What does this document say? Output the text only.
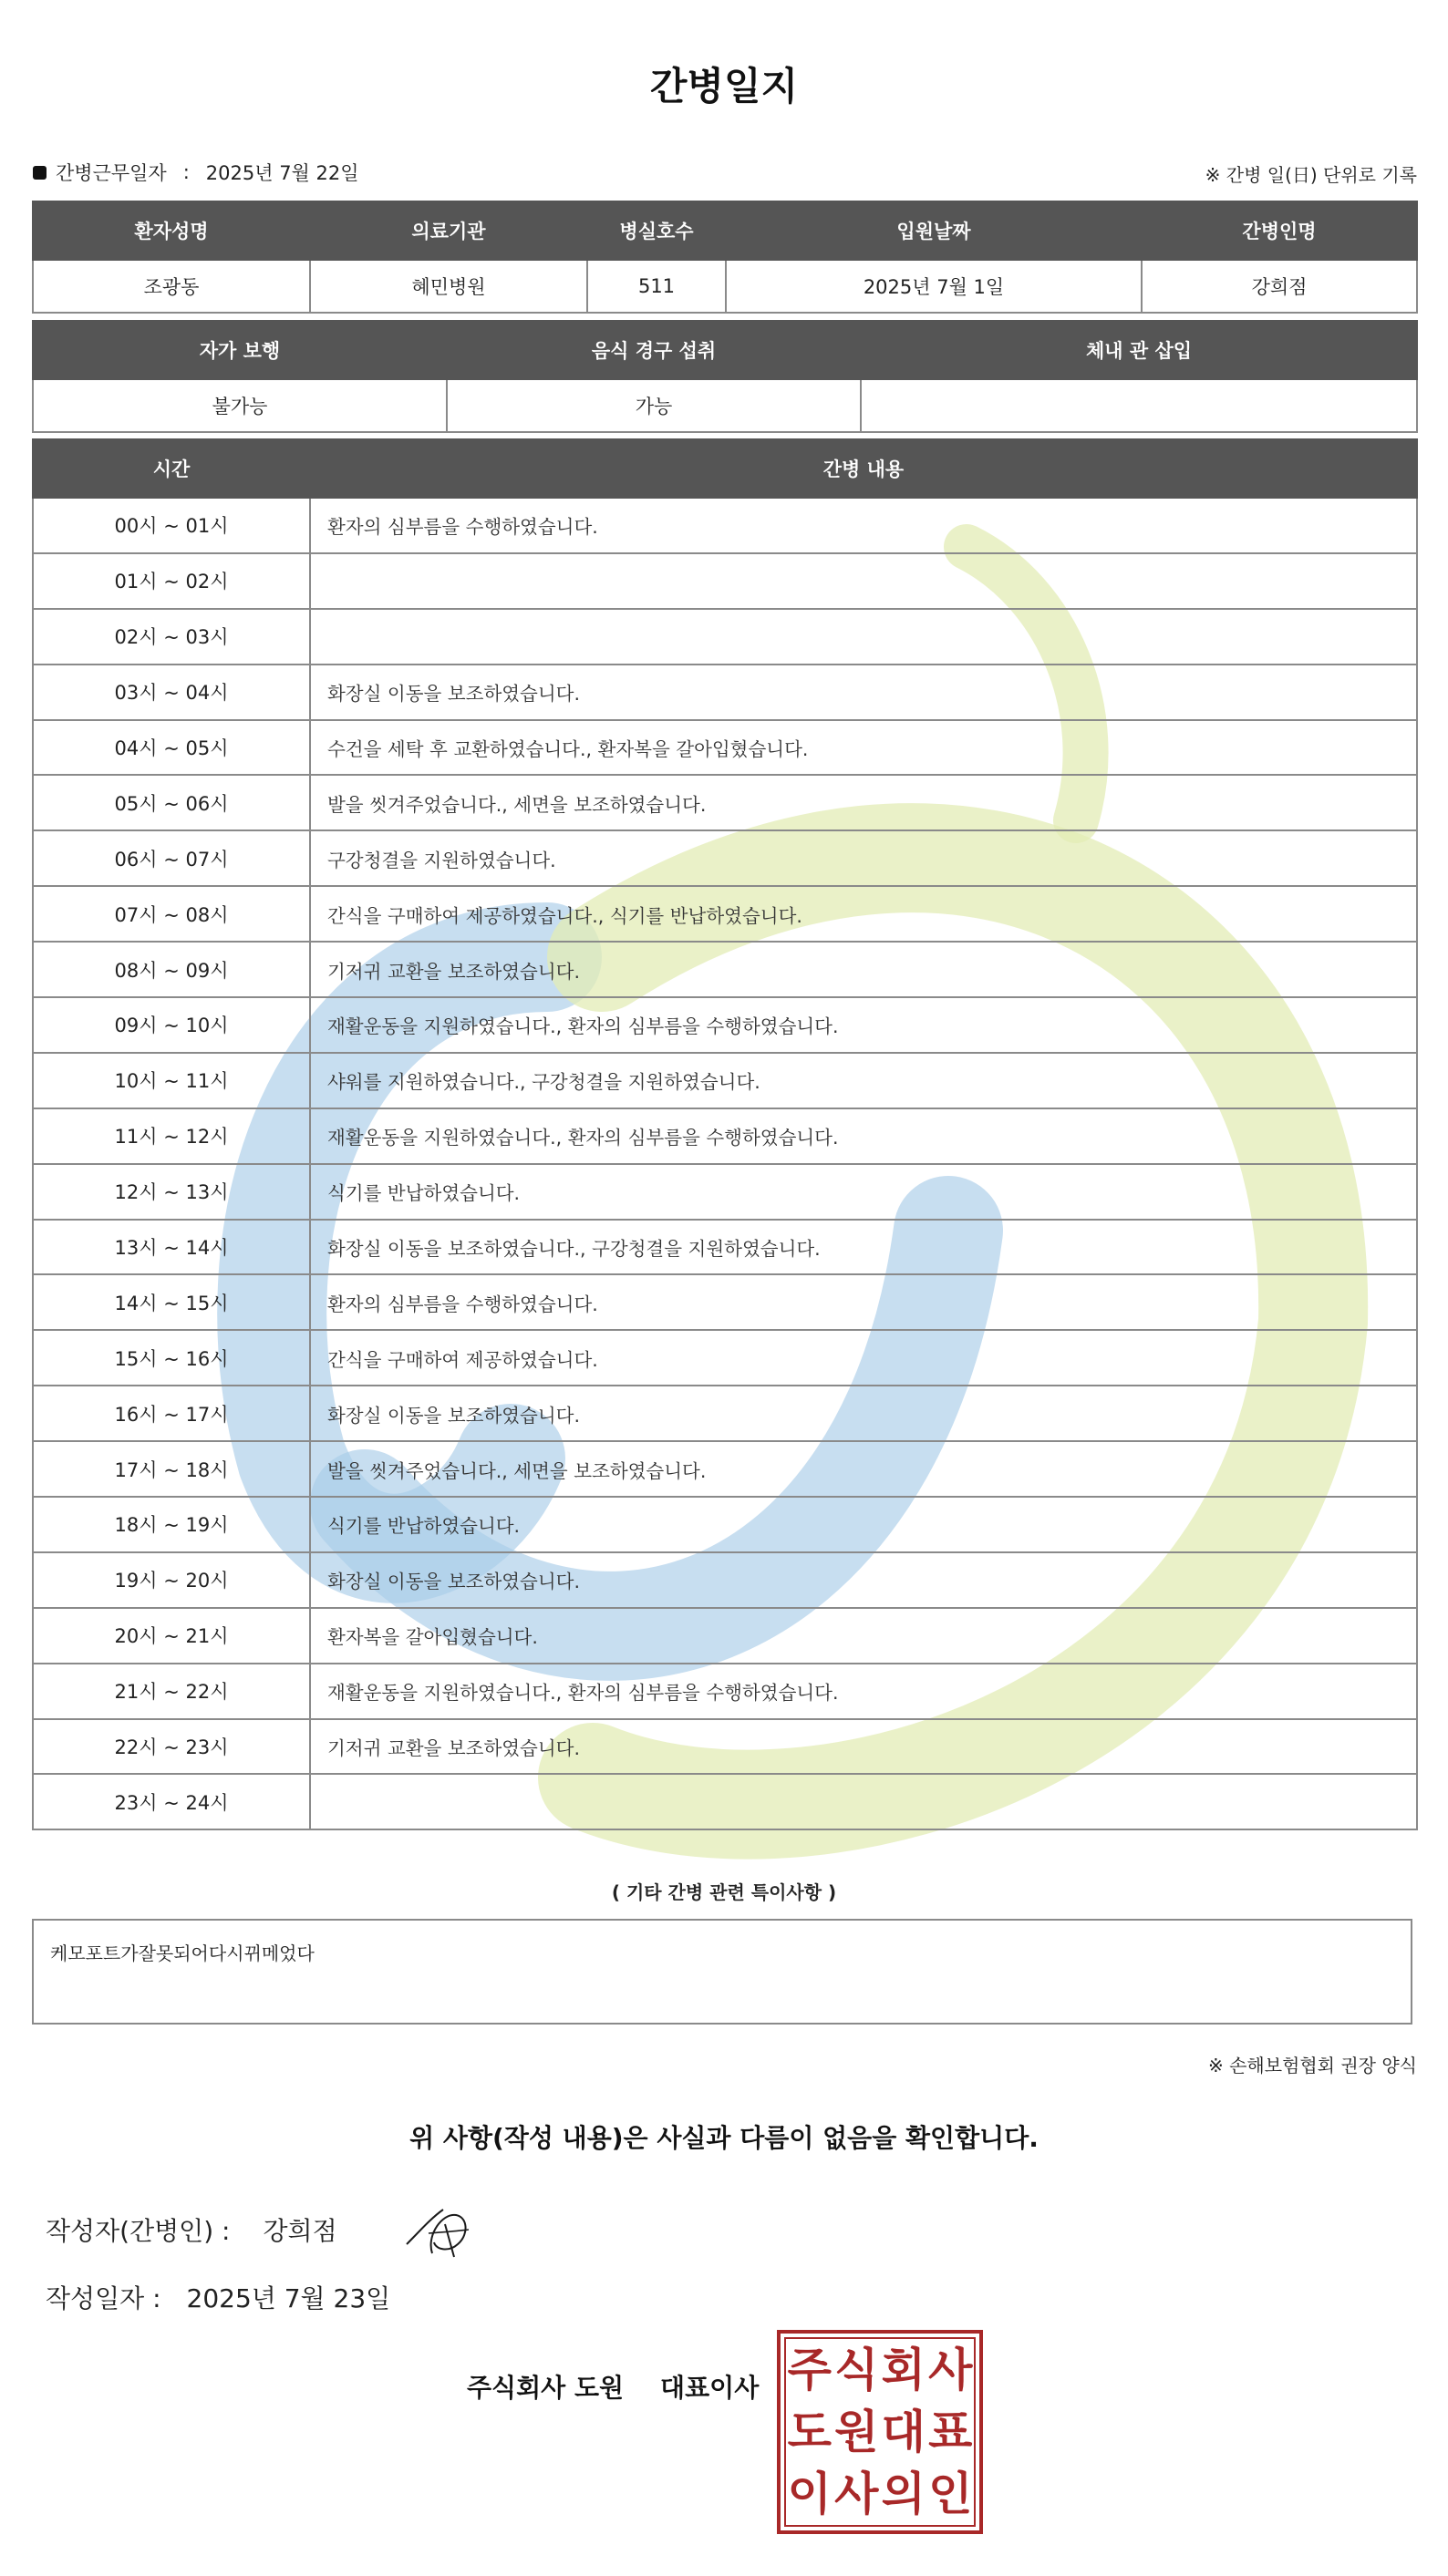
간병일지
간병근무일자 : 2025년 7월 22일	※ 간병 일(日) 단위로 기록
환자성명	의료기관	병실호수	입원날짜	간병인명
조광동	혜민병원	511	2025년 7월 1일	강희점
자가 보행	음식 경구 섭취	체내 관 삽입
불가능	가능	
시간	간병 내용
00시 ~ 01시	환자의 심부름을 수행하였습니다.
01시 ~ 02시	
02시 ~ 03시	
03시 ~ 04시	화장실 이동을 보조하였습니다.
04시 ~ 05시	수건을 세탁 후 교환하였습니다., 환자복을 갈아입혔습니다.
05시 ~ 06시	발을 씻겨주었습니다., 세면을 보조하였습니다.
06시 ~ 07시	구강청결을 지원하였습니다.
07시 ~ 08시	간식을 구매하여 제공하였습니다., 식기를 반납하였습니다.
08시 ~ 09시	기저귀 교환을 보조하였습니다.
09시 ~ 10시	재활운동을 지원하였습니다., 환자의 심부름을 수행하였습니다.
10시 ~ 11시	샤워를 지원하였습니다., 구강청결을 지원하였습니다.
11시 ~ 12시	재활운동을 지원하였습니다., 환자의 심부름을 수행하였습니다.
12시 ~ 13시	식기를 반납하였습니다.
13시 ~ 14시	화장실 이동을 보조하였습니다., 구강청결을 지원하였습니다.
14시 ~ 15시	환자의 심부름을 수행하였습니다.
15시 ~ 16시	간식을 구매하여 제공하였습니다.
16시 ~ 17시	화장실 이동을 보조하였습니다.
17시 ~ 18시	발을 씻겨주었습니다., 세면을 보조하였습니다.
18시 ~ 19시	식기를 반납하였습니다.
19시 ~ 20시	화장실 이동을 보조하였습니다.
20시 ~ 21시	환자복을 갈아입혔습니다.
21시 ~ 22시	재활운동을 지원하였습니다., 환자의 심부름을 수행하였습니다.
22시 ~ 23시	기저귀 교환을 보조하였습니다.
23시 ~ 24시	
( 기타 간병 관련 특이사항 )
케모포트가잘못되어다시뀌메었다
※ 손해보험협회 권장 양식
위 사항(작성 내용)은 사실과 다름이 없음을 확인합니다.
작성자(간병인) : 강희점
작성일자 : 2025년 7월 23일
주식회사 도원 대표이사 주 식 회 사
도 원 대 표
이 사 의 인
